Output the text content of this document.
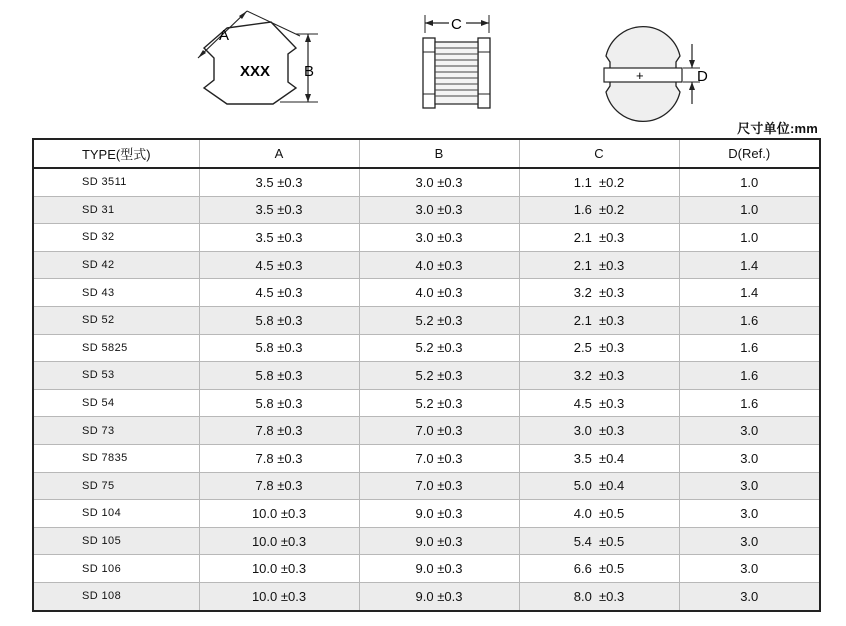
A
XXX B
C
+	D
尺寸单位:mm
TYPE(型式)	A	B	C	D(Ref.)
SD 3511	3.5 ±0.3	3.0 ±0.3	1.1  ±0.2	1.0
SD 31	3.5 ±0.3	3.0 ±0.3	1.6  ±0.2	1.0
SD 32	3.5 ±0.3	3.0 ±0.3	2.1  ±0.3	1.0
SD 42	4.5 ±0.3	4.0 ±0.3	2.1  ±0.3	1.4
SD 43	4.5 ±0.3	4.0 ±0.3	3.2  ±0.3	1.4
SD 52	5.8 ±0.3	5.2 ±0.3	2.1  ±0.3	1.6
SD 5825	5.8 ±0.3	5.2 ±0.3	2.5  ±0.3	1.6
SD 53	5.8 ±0.3	5.2 ±0.3	3.2  ±0.3	1.6
SD 54	5.8 ±0.3	5.2 ±0.3	4.5  ±0.3	1.6
SD 73	7.8 ±0.3	7.0 ±0.3	3.0  ±0.3	3.0
SD 7835	7.8 ±0.3	7.0 ±0.3	3.5  ±0.4	3.0
SD 75	7.8 ±0.3	7.0 ±0.3	5.0  ±0.4	3.0
SD 104	10.0 ±0.3	9.0 ±0.3	4.0  ±0.5	3.0
SD 105	10.0 ±0.3	9.0 ±0.3	5.4  ±0.5	3.0
SD 106	10.0 ±0.3	9.0 ±0.3	6.6  ±0.5	3.0
SD 108	10.0 ±0.3	9.0 ±0.3	8.0  ±0.3	3.0
